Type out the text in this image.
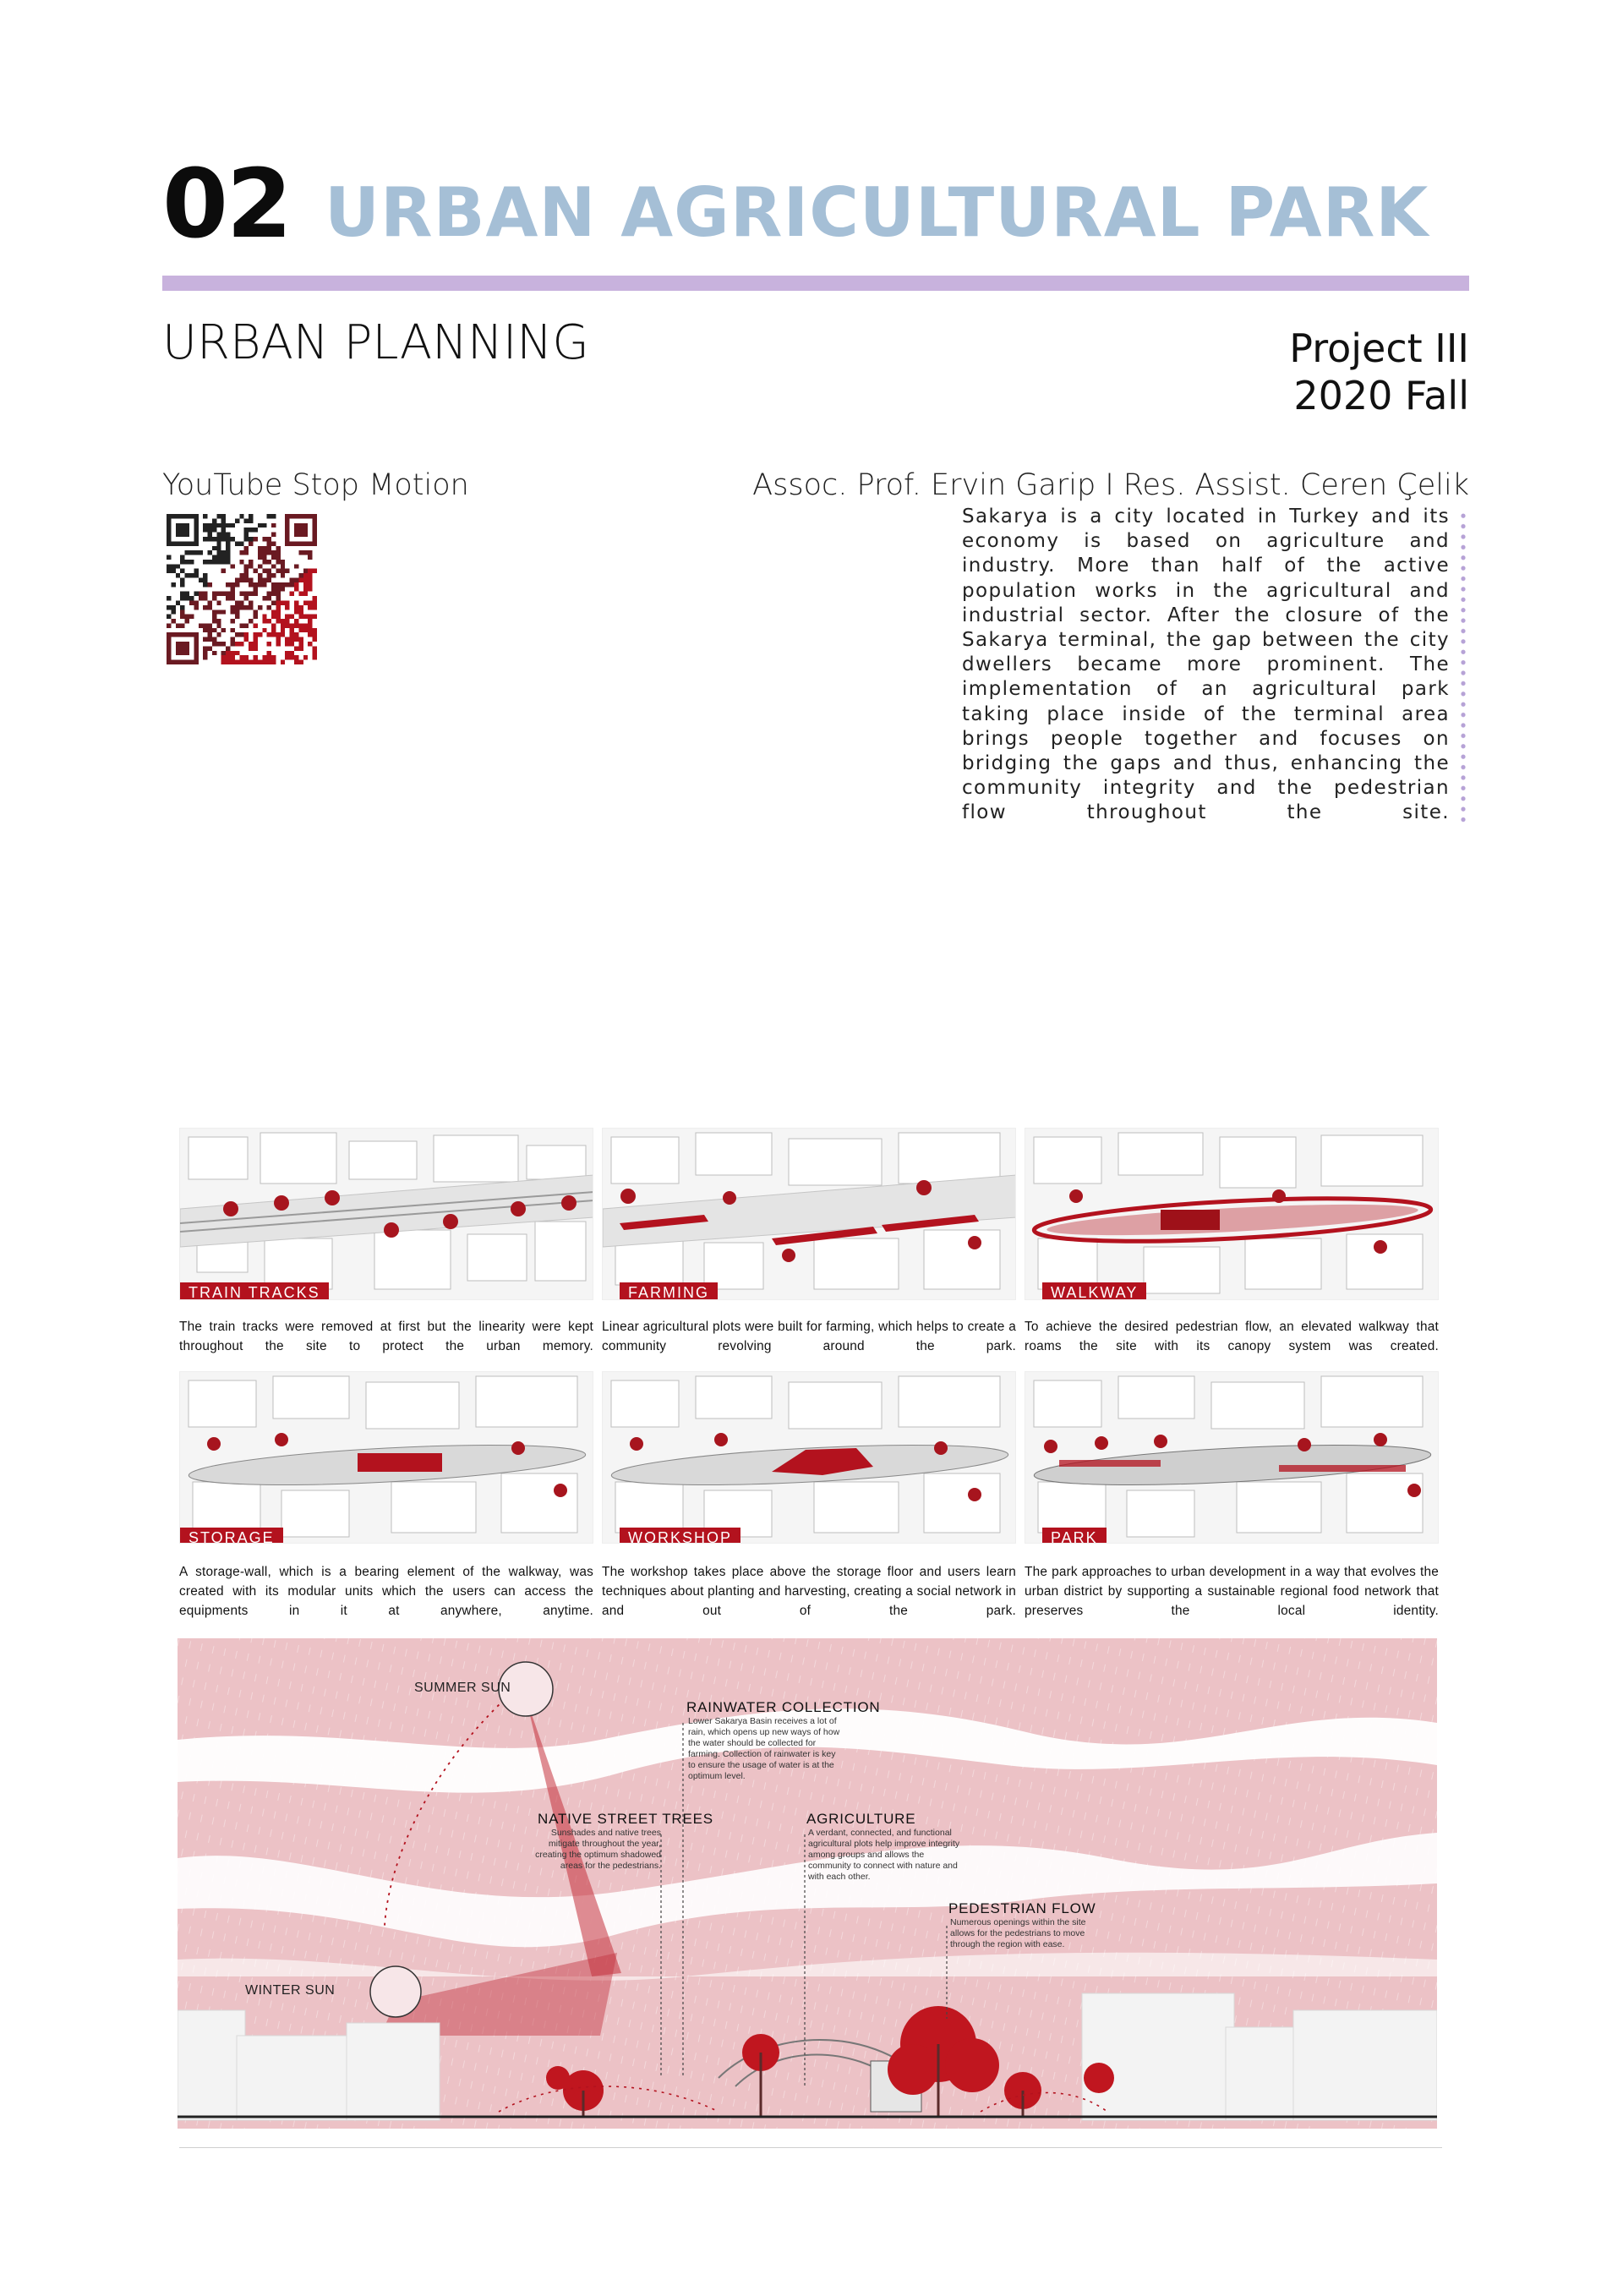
02 URBAN AGRICULTURAL PARK
URBAN PLANNING	Project III
2020 Fall
YouTube Stop Motion	Assoc. Prof. Ervin Garip I Res. Assist. Ceren Çelik
Sakarya is a city located in Turkey and its economy is based on agriculture and industry. More than half of the active population works in the agricultural and industrial sector. After the closure of the Sakarya terminal, the gap between the city dwellers became more prominent. The implementation of an agricultural park taking place inside of the terminal area brings people together and focuses on bridging the gaps and thus, enhancing the community integrity and the pedestrian flow throughout the site.
TRAIN TRACKS	FARMING	WALKWAY
The train tracks were removed at first but the linearity were kept throughout the site to protect the urban memory.
Linear agricultural plots were built for farming, which helps to create a community revolving around the park.
To achieve the desired pedestrian flow, an elevated walkway that roams the site with its canopy system was created.
STORAGE	WORKSHOP	PARK
A storage-wall, which is a bearing element of the walkway, was created with its modular units which the users can access the equipments in it at anywhere, anytime.
The workshop takes place above the storage floor and users learn techniques about planting and harvesting, creating a social network in and out of the park.
The park approaches to urban development in a way that evolves the urban district by supporting a sustainable regional food network that preserves the local identity.
SUMMER SUN
WINTER SUN
RAINWATER COLLECTION
Lower Sakarya Basin receives a lot of rain, which opens up new ways of how the water should be collected for farming. Collection of rainwater is key to ensure the usage of water is at the optimum level.
NATIVE STREET TREES
Sunshades and native trees mitigate throughout the year, creating the optimum shadowed areas for the pedestrians.
AGRICULTURE
A verdant, connected, and functional agricultural plots help improve integrity among groups and allows the community to connect with nature and with each other.
PEDESTRIAN FLOW
Numerous openings within the site allows for the pedestrians to move through the region with ease.
